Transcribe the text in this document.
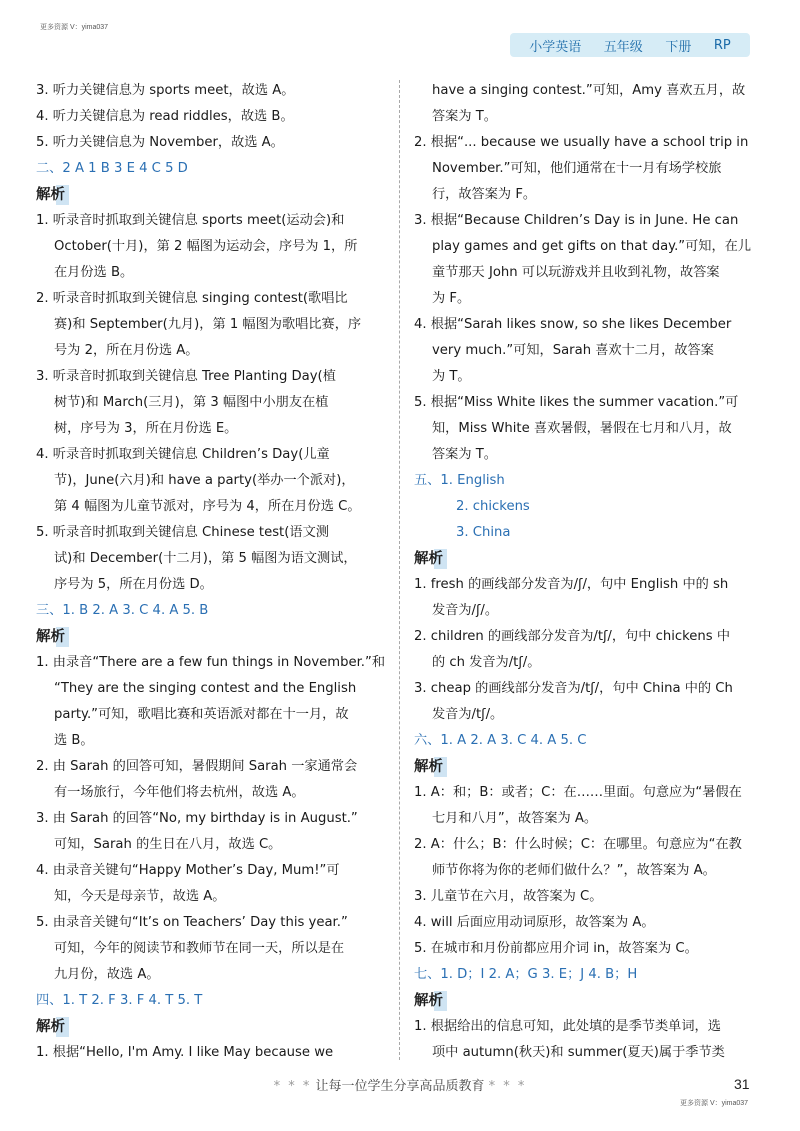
更多资源 V：yima037
小学英语 五年级 下册 RP
3. 听力关键信息为 sports meet，故选 A。
4. 听力关键信息为 read riddles，故选 B。
5. 听力关键信息为 November，故选 A。
二、2 A 1 B 3 E 4 C 5 D
解析
1. 听录音时抓取到关键信息 sports meet(运动会)和
October(十月)，第 2 幅图为运动会，序号为 1，所
在月份选 B。
2. 听录音时抓取到关键信息 singing contest(歌唱比
赛)和 September(九月)，第 1 幅图为歌唱比赛，序
号为 2，所在月份选 A。
3. 听录音时抓取到关键信息 Tree Planting Day(植
树节)和 March(三月)，第 3 幅图中小朋友在植
树，序号为 3，所在月份选 E。
4. 听录音时抓取到关键信息 Children’s Day(儿童
节)，June(六月)和 have a party(举办一个派对)，
第 4 幅图为儿童节派对，序号为 4，所在月份选 C。
5. 听录音时抓取到关键信息 Chinese test(语文测
试)和 December(十二月)，第 5 幅图为语文测试，
序号为 5，所在月份选 D。
三、1. B 2. A 3. C 4. A 5. B
解析
1. 由录音“There are a few fun things in November.”和
“They are the singing contest and the English
party.”可知，歌唱比赛和英语派对都在十一月，故
选 B。
2. 由 Sarah 的回答可知，暑假期间 Sarah 一家通常会
有一场旅行，今年他们将去杭州，故选 A。
3. 由 Sarah 的回答“No, my birthday is in August.”
可知，Sarah 的生日在八月，故选 C。
4. 由录音关键句“Happy Mother’s Day, Mum!”可
知，今天是母亲节，故选 A。
5. 由录音关键句“It’s on Teachers’ Day this year.”
可知，今年的阅读节和教师节在同一天，所以是在
九月份，故选 A。
四、1. T 2. F 3. F 4. T 5. T
解析
1. 根据“Hello, I'm Amy. I like May because we
have a singing contest.”可知，Amy 喜欢五月，故
答案为 T。
2. 根据“... because we usually have a school trip in
November.”可知，他们通常在十一月有场学校旅
行，故答案为 F。
3. 根据“Because Children’s Day is in June. He can
play games and get gifts on that day.”可知，在儿
童节那天 John 可以玩游戏并且收到礼物，故答案
为 F。
4. 根据“Sarah likes snow, so she likes December
very much.”可知，Sarah 喜欢十二月，故答案
为 T。
5. 根据“Miss White likes the summer vacation.”可
知，Miss White 喜欢暑假，暑假在七月和八月，故
答案为 T。
五、1. English
2. chickens
3. China
解析
1. fresh 的画线部分发音为/ʃ/，句中 English 中的 sh
发音为/ʃ/。
2. children 的画线部分发音为/tʃ/，句中 chickens 中
的 ch 发音为/tʃ/。
3. cheap 的画线部分发音为/tʃ/，句中 China 中的 Ch
发音为/tʃ/。
六、1. A 2. A 3. C 4. A 5. C
解析
1. A：和；B：或者；C：在……里面。句意应为“暑假在
七月和八月”，故答案为 A。
2. A：什么；B：什么时候；C：在哪里。句意应为“在教
师节你将为你的老师们做什么？”，故答案为 A。
3. 儿童节在六月，故答案为 C。
4. will 后面应用动词原形，故答案为 A。
5. 在城市和月份前都应用介词 in，故答案为 C。
七、1. D；I 2. A；G 3. E；J 4. B；H
解析
1. 根据给出的信息可知，此处填的是季节类单词，选
项中 autumn(秋天)和 summer(夏天)属于季节类
* * * 让每一位学生分享高品质教育 * * *	31
更多资源 V：yima037
